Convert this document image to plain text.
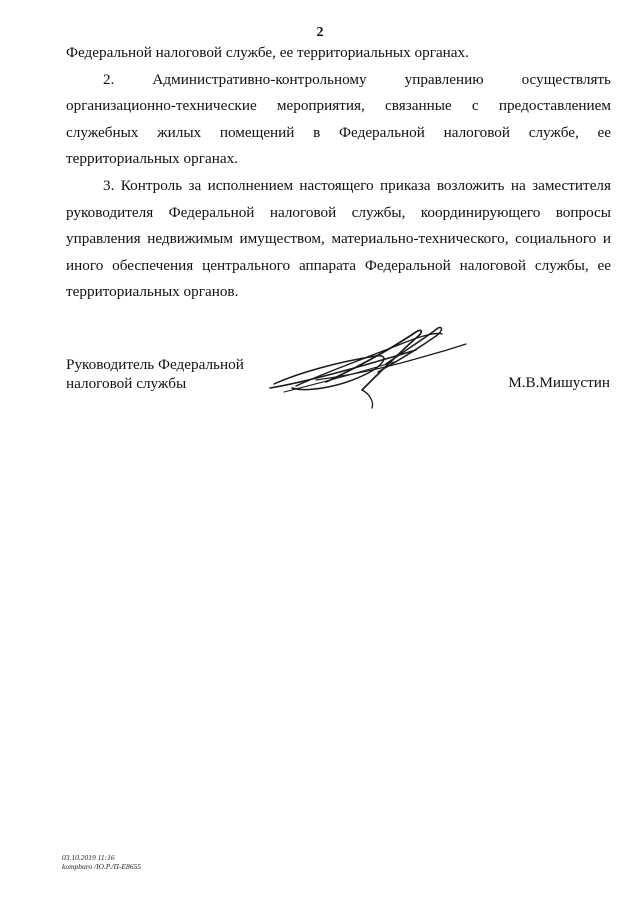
2

Федеральной налоговой службе, ее территориальных органах.

2. Административно-контрольному управлению осуществлять организационно-технические мероприятия, связанные с предоставлением служебных жилых помещений в Федеральной налоговой службе, ее территориальных органах.

3. Контроль за исполнением настоящего приказа возложить на заместителя руководителя Федеральной налоговой службы, координирующего вопросы управления недвижимым имуществом, материально-технического, социального и иного обеспечения центрального аппарата Федеральной налоговой службы, ее территориальных органов.

Руководитель Федеральной
налоговой службы	М.В.Мишустин
03.10.2019 11:16
kompburo /Ю.Р./П-Е8655
